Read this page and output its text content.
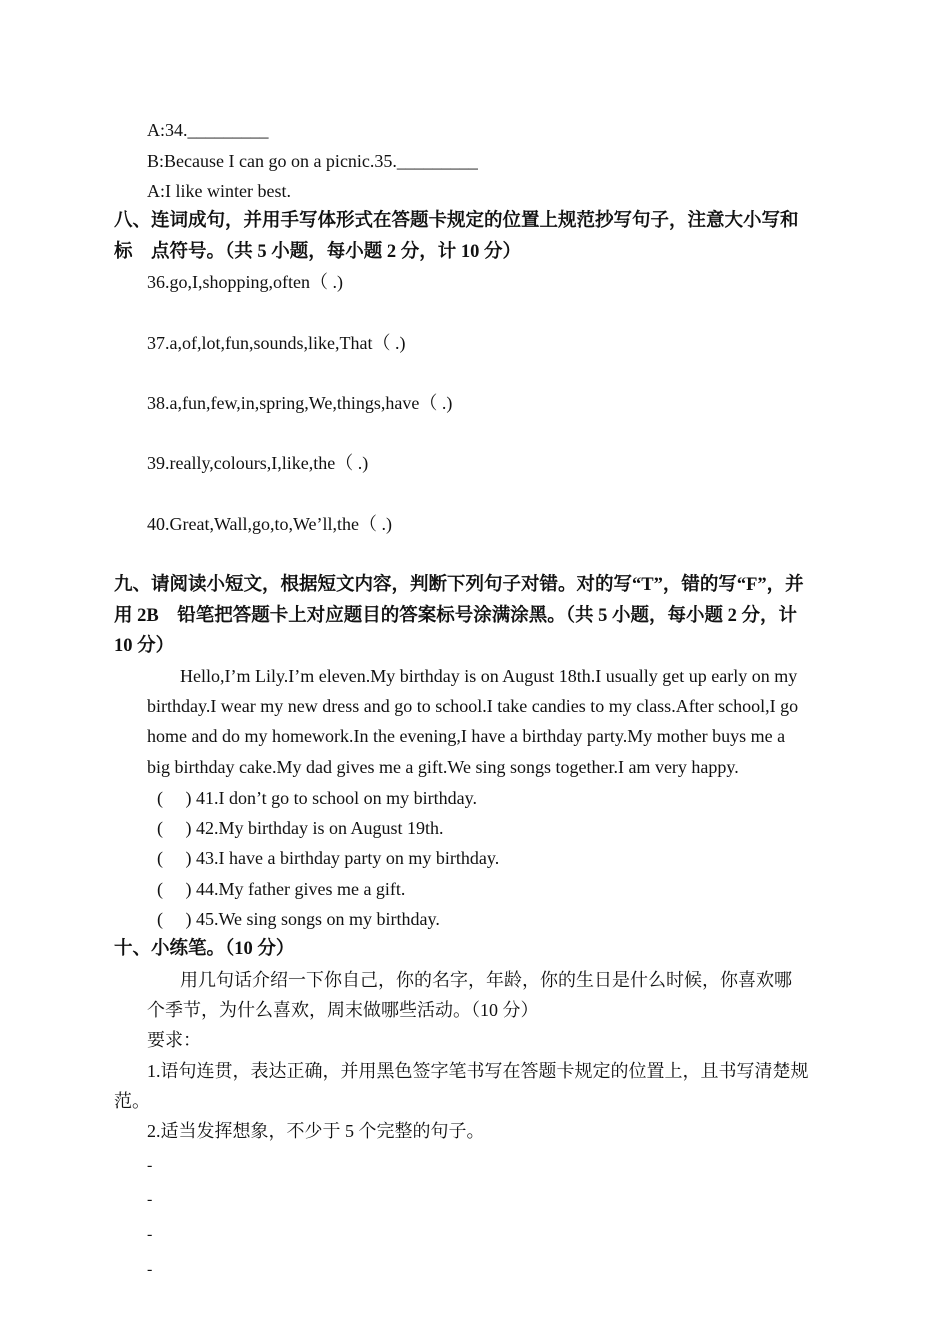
A:34._________
B:Because I can go on a picnic.35._________
A:I like winter best.
八、连词成句，并用手写体形式在答题卡规定的位置上规范抄写句子，注意大小写和
标　点符号。（共 5 小题，每小题 2 分，计 10 分）
36.go,I,shopping,often（ .)
37.a,of,lot,fun,sounds,like,That（ .)
38.a,fun,few,in,spring,We,things,have（ .)
39.really,colours,I,like,the（ .)
40.Great,Wall,go,to,We’ll,the（ .)
九、请阅读小短文，根据短文内容，判断下列句子对错。对的写“T”，错的写“F”，并
用 2B　铅笔把答题卡上对应题目的答案标号涂满涂黑。（共 5 小题，每小题 2 分，计
10 分）
Hello,I’m Lily.I’m eleven.My birthday is on August 18th.I usually get up early on my
birthday.I wear my new dress and go to school.I take candies to my class.After school,I go
home and do my homework.In the evening,I have a birthday party.My mother buys me a
big birthday cake.My dad gives me a gift.We sing songs together.I am very happy.
(　 ) 41.I don’t go to school on my birthday.
(　 ) 42.My birthday is on August 19th.
(　 ) 43.I have a birthday party on my birthday.
(　 ) 44.My father gives me a gift.
(　 ) 45.We sing songs on my birthday.
十、小练笔。（10 分）
用几句话介绍一下你自己，你的名字，年龄，你的生日是什么时候，你喜欢哪
个季节，为什么喜欢，周末做哪些活动。（10 分）
要求：
1.语句连贯，表达正确，并用黑色签字笔书写在答题卡规定的位置上，且书写清楚规
范。
2.适当发挥想象，不少于 5 个完整的句子。
-
-
-
-
